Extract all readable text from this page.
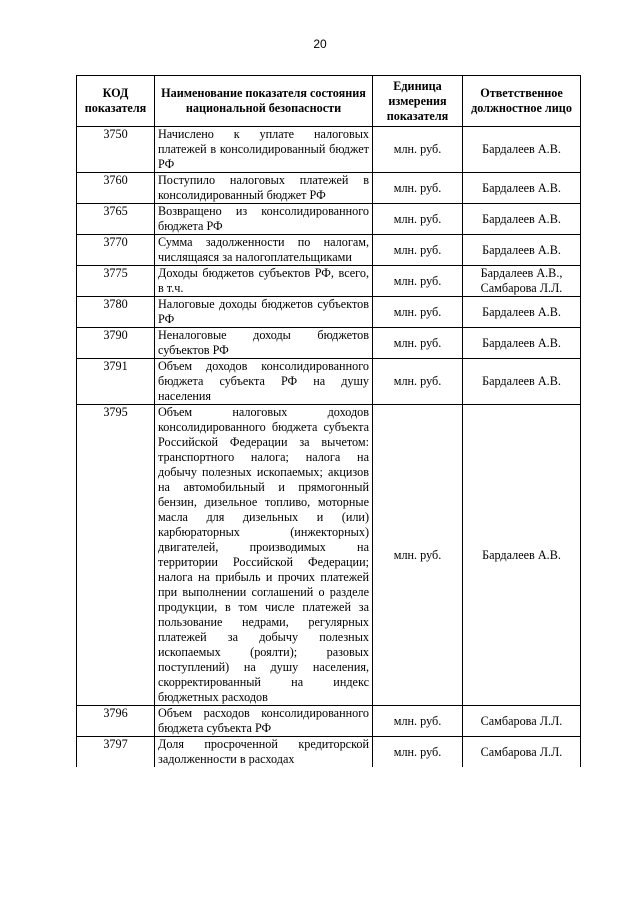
20
КОД показателя	Наименование показателя состояния национальной безопасности	Единица измерения показателя	Ответственное должностное лицо
3750	Начислено к уплате налоговых платежей в консолидированный бюджет РФ	млн. руб.	Бардалеев А.В.
3760	Поступило налоговых платежей в консолидированный бюджет РФ	млн. руб.	Бардалеев А.В.
3765	Возвращено из консолидированного бюджета РФ	млн. руб.	Бардалеев А.В.
3770	Сумма задолженности по налогам, числящаяся за налогоплательщиками	млн. руб.	Бардалеев А.В.
3775	Доходы бюджетов субъектов РФ, всего, в т.ч.	млн. руб.	Бардалеев А.В., Самбарова Л.Л.
3780	Налоговые доходы бюджетов субъектов РФ	млн. руб.	Бардалеев А.В.
3790	Неналоговые доходы бюджетов субъектов РФ	млн. руб.	Бардалеев А.В.
3791	Объем доходов консолидированного бюджета субъекта РФ на душу населения	млн. руб.	Бардалеев А.В.
3795	Объем налоговых доходов консолидированного бюджета субъекта Российской Федерации за вычетом: транспортного налога; налога на добычу полезных ископаемых; акцизов на автомобильный и прямогонный бензин, дизельное топливо, моторные масла для дизельных и (или) карбюраторных (инжекторных) двигателей, производимых на территории Российской Федерации; налога на прибыль и прочих платежей при выполнении соглашений о разделе продукции, в том числе платежей за пользование недрами, регулярных платежей за добычу полезных ископаемых (роялти); разовых поступлений) на душу населения, скорректированный на индекс бюджетных расходов	млн. руб.	Бардалеев А.В.
3796	Объем расходов консолидированного бюджета субъекта РФ	млн. руб.	Самбарова Л.Л.
3797	Доля просроченной кредиторской задолженности в расходах	млн. руб.	Самбарова Л.Л.
